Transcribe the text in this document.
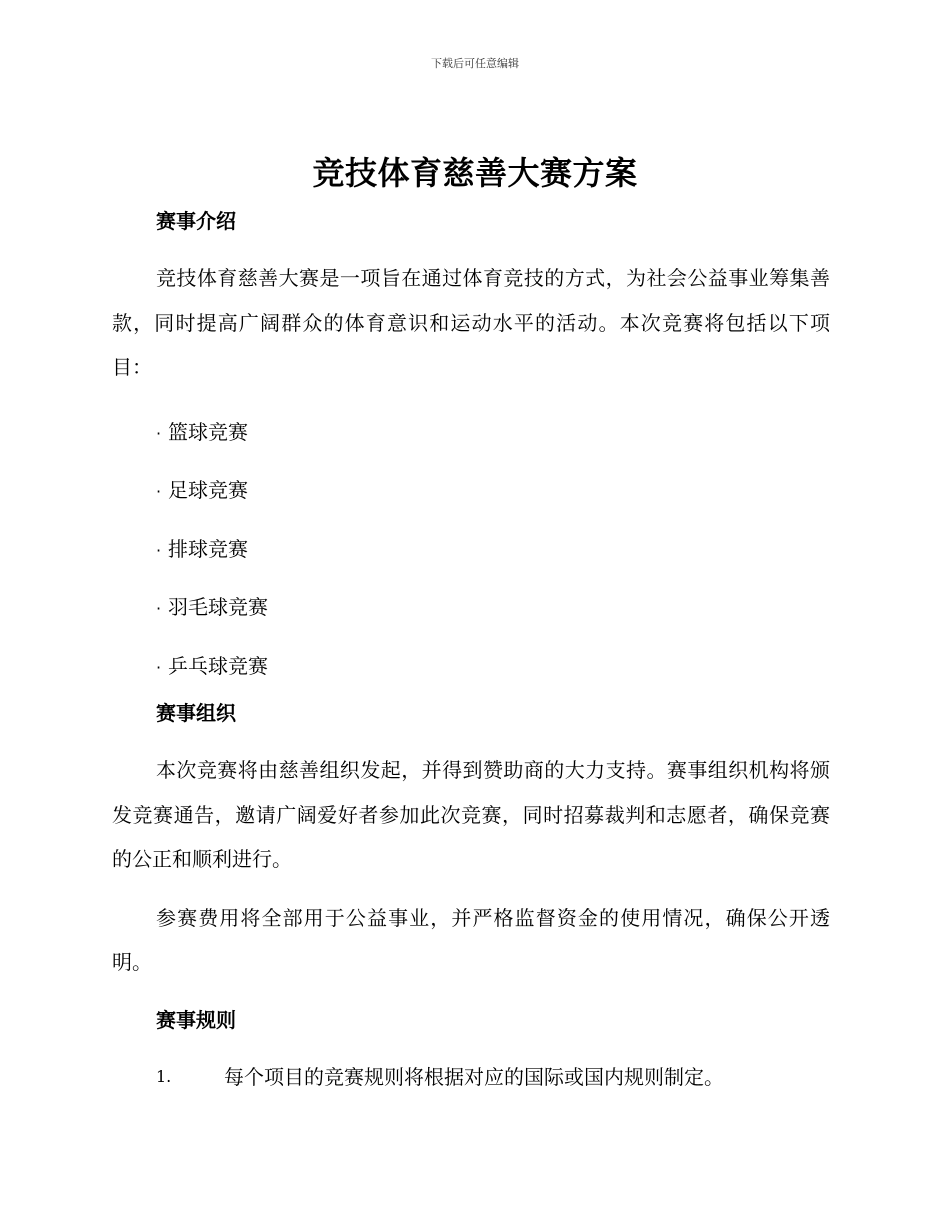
下载后可任意编辑
竞技体育慈善大赛方案
赛事介绍

竞技体育慈善大赛是一项旨在通过体育竞技的方式，为社会公益事业筹集善款，同时提高广阔群众的体育意识和运动水平的活动。本次竞赛将包括以下项目：

· 篮球竞赛
· 足球竞赛
· 排球竞赛
· 羽毛球竞赛
· 乒乓球竞赛
赛事组织

本次竞赛将由慈善组织发起，并得到赞助商的大力支持。赛事组织机构将颁发竞赛通告，邀请广阔爱好者参加此次竞赛，同时招募裁判和志愿者，确保竞赛的公正和顺利进行。

参赛费用将全部用于公益事业，并严格监督资金的使用情况，确保公开透明。

赛事规则
1.	每个项目的竞赛规则将根据对应的国际或国内规则制定。
